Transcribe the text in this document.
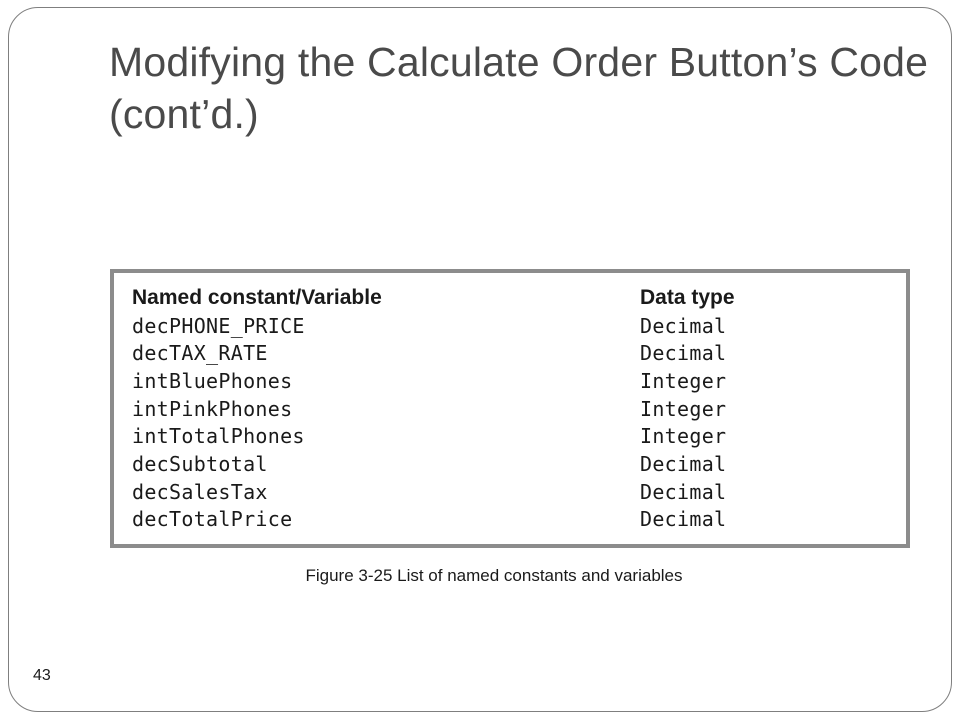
Modifying the Calculate Order Button’s Code (cont’d.)
Named constant/Variable	Data type
decPHONE_PRICE	Decimal
decTAX_RATE	Decimal
intBluePhones	Integer
intPinkPhones	Integer
intTotalPhones	Integer
decSubtotal	Decimal
decSalesTax	Decimal
decTotalPrice	Decimal
Figure 3-25 List of named constants and variables
43
